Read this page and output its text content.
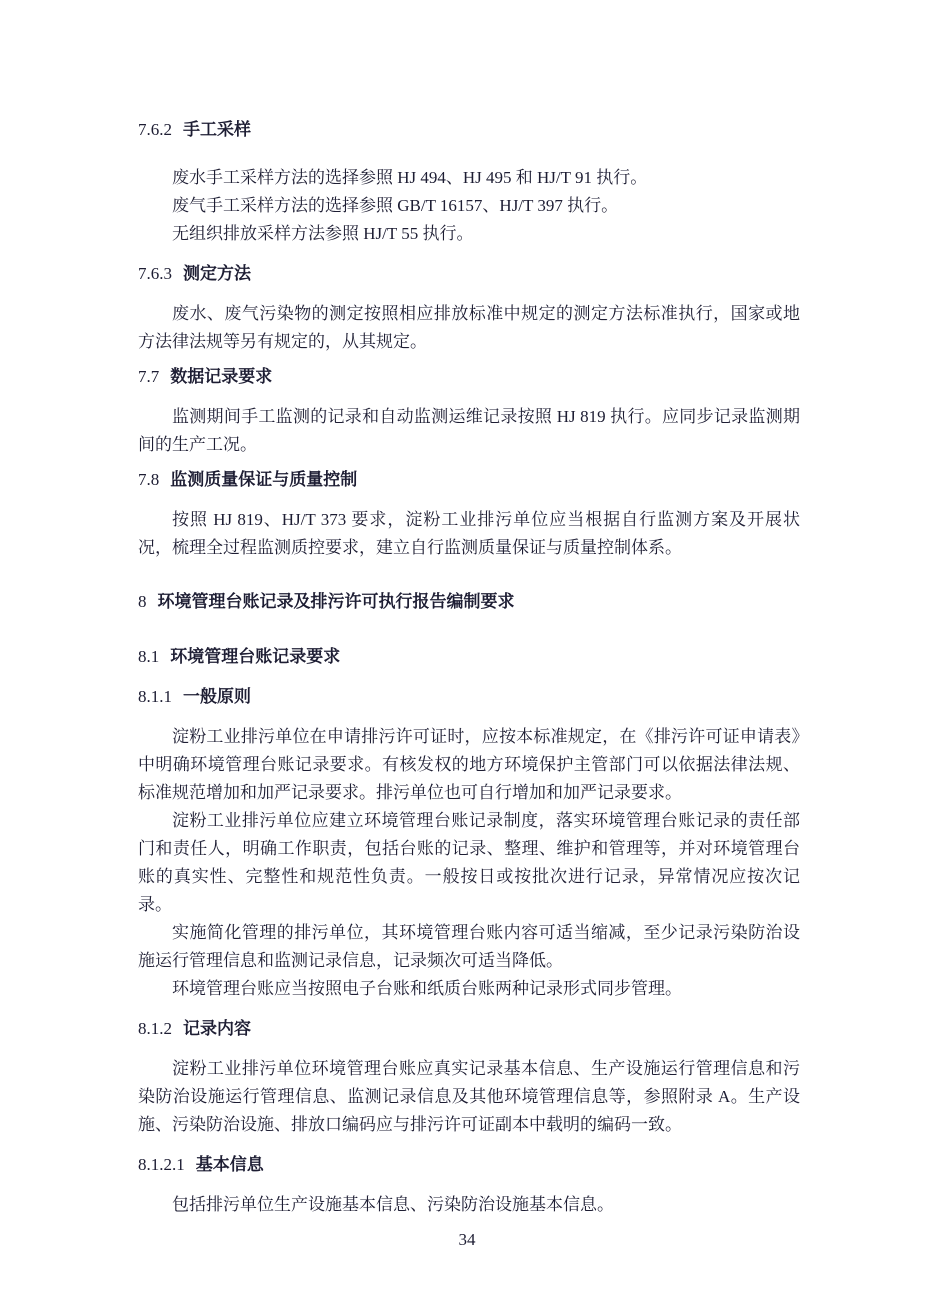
7.6.2 手工采样
废水手工采样方法的选择参照 HJ 494、HJ 495 和 HJ/T 91 执行。
废气手工采样方法的选择参照 GB/T 16157、HJ/T 397 执行。
无组织排放采样方法参照 HJ/T 55 执行。
7.6.3 测定方法
废水、废气污染物的测定按照相应排放标准中规定的测定方法标准执行，国家或地方法律法规等另有规定的，从其规定。
7.7 数据记录要求
监测期间手工监测的记录和自动监测运维记录按照 HJ 819 执行。应同步记录监测期间的生产工况。
7.8 监测质量保证与质量控制
按照 HJ 819、HJ/T 373 要求，淀粉工业排污单位应当根据自行监测方案及开展状况，梳理全过程监测质控要求，建立自行监测质量保证与质量控制体系。
8 环境管理台账记录及排污许可执行报告编制要求
8.1 环境管理台账记录要求
8.1.1 一般原则
淀粉工业排污单位在申请排污许可证时，应按本标准规定，在《排污许可证申请表》中明确环境管理台账记录要求。有核发权的地方环境保护主管部门可以依据法律法规、标准规范增加和加严记录要求。排污单位也可自行增加和加严记录要求。
淀粉工业排污单位应建立环境管理台账记录制度，落实环境管理台账记录的责任部门和责任人，明确工作职责，包括台账的记录、整理、维护和管理等，并对环境管理台账的真实性、完整性和规范性负责。一般按日或按批次进行记录，异常情况应按次记录。
实施简化管理的排污单位，其环境管理台账内容可适当缩减，至少记录污染防治设施运行管理信息和监测记录信息，记录频次可适当降低。
环境管理台账应当按照电子台账和纸质台账两种记录形式同步管理。
8.1.2 记录内容
淀粉工业排污单位环境管理台账应真实记录基本信息、生产设施运行管理信息和污染防治设施运行管理信息、监测记录信息及其他环境管理信息等，参照附录 A。生产设施、污染防治设施、排放口编码应与排污许可证副本中载明的编码一致。
8.1.2.1 基本信息
包括排污单位生产设施基本信息、污染防治设施基本信息。
34
